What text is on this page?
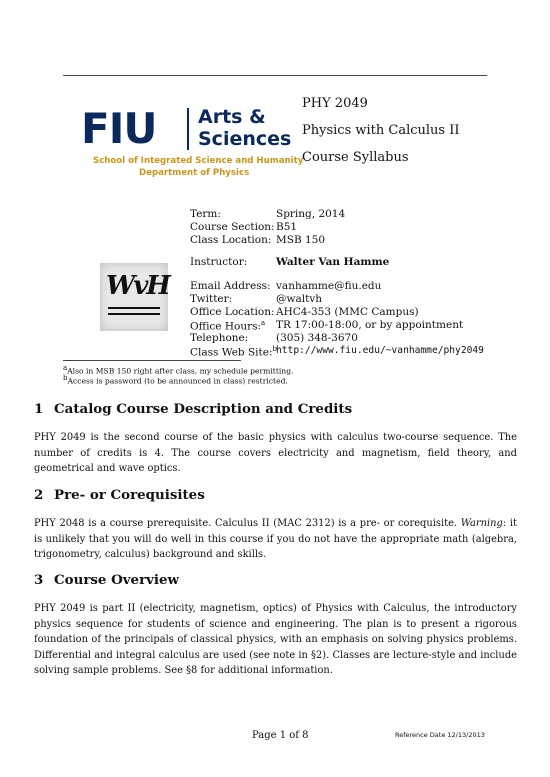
FIU Arts &
Sciences
School of Integrated Science and Humanity
Department of Physics
PHY 2049
Physics with Calculus II
Course Syllabus
WvH
Term:	Spring, 2014
Course Section: B51
Class Location: MSB 150
Instructor:	Walter Van Hamme
Email Address: vanhamme@fiu.edu
Twitter:	@waltvh
Office Location: AHC4-353 (MMC Campus)
Office Hours:$^a$	TR 17:00-18:00, or by appointment
Telephone:	(305) 348-3670
Class Web Site:$^b$ http://www.fiu.edu/~vanhamme/phy2049
$^a$Also in MSB 150 right after class, my schedule permitting.
$^b$Access is password (to be announced in class) restricted.
1 Catalog Course Description and Credits
PHY 2049 is the second course of the basic physics with calculus two-course sequence. The number of credits is 4. The course covers electricity and magnetism, field theory, and geometrical and wave optics.
2 Pre- or Corequisites
PHY 2048 is a course prerequisite. Calculus II (MAC 2312) is a pre- or corequisite. Warning: it is unlikely that you will do well in this course if you do not have the appropriate math (algebra, trigonometry, calculus) background and skills.
3 Course Overview
PHY 2049 is part II (electricity, magnetism, optics) of Physics with Calculus, the introductory physics sequence for students of science and engineering. The plan is to present a rigorous foundation of the principals of classical physics, with an emphasis on solving physics problems. Differential and integral calculus are used (see note in §2). Classes are lecture-style and include solving sample problems. See §8 for additional information.
Page 1 of 8	Reference Date 12/13/2013
